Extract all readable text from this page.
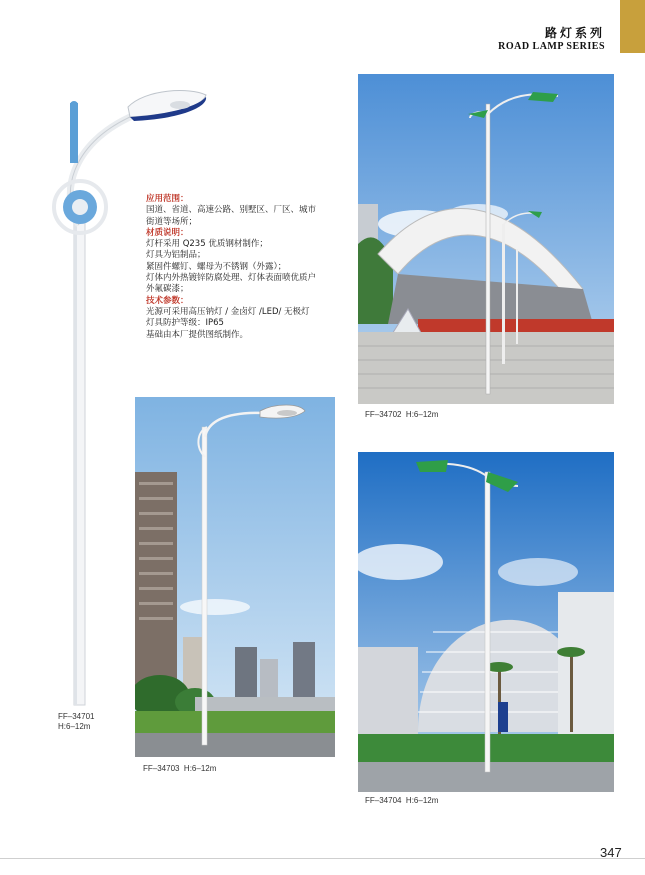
路灯系列
ROAD LAMP SERIES
应用范围：
国道、省道、高速公路、别墅区、厂区、城市
街道等场所；
材质说明：
灯杆采用 Q235 优质钢材制作；
灯具为铝制品；
紧固件螺钉、螺母为不锈钢（外露）；
灯体内外热镀锌防腐处理、灯体表面喷优质户
外氟碳漆；
技术参数：
光源可采用高压钠灯 / 金卤灯 /LED/ 无极灯
灯具防护等级：IP65
基础由本厂提供图纸制作。
FF–34701
H:6–12m
FF–34702 H:6–12m
FF–34703 H:6–12m
FF–34704 H:6–12m
347
